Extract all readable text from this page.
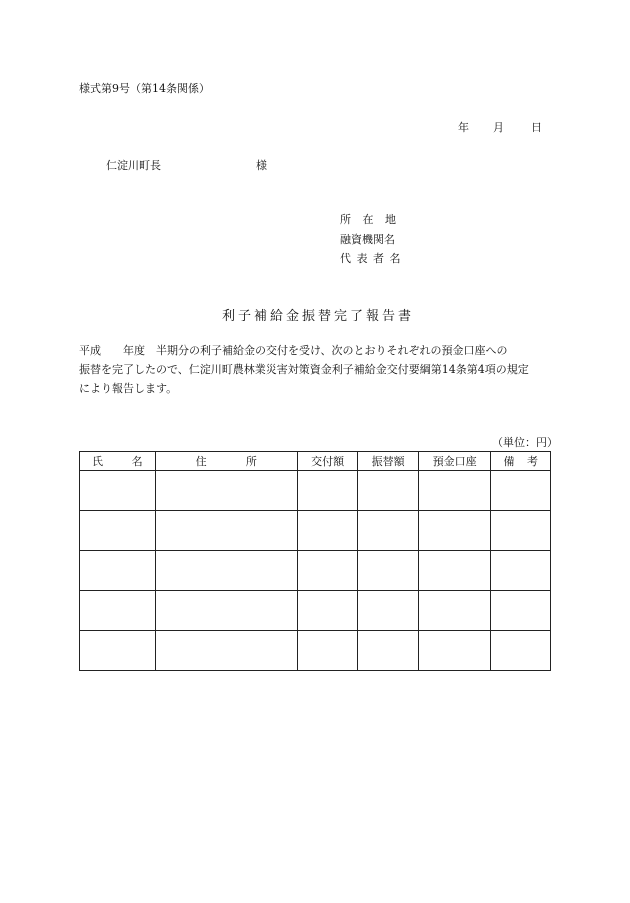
様式第9号（第14条関係）
年 月 日
仁淀川町長	様
所 在 地
融資機関名
代 表 者 名
利子補給金振替完了報告書

平成　　年度　半期分の利子補給金の交付を受け、次のとおりそれぞれの預金口座への

振替を完了したので、仁淀川町農林業災害対策資金利子補給金交付要綱第14条第4項の規定

により報告します。

（単位：円）
氏 名	住 所	交付額	振替額	預金口座	備 考
